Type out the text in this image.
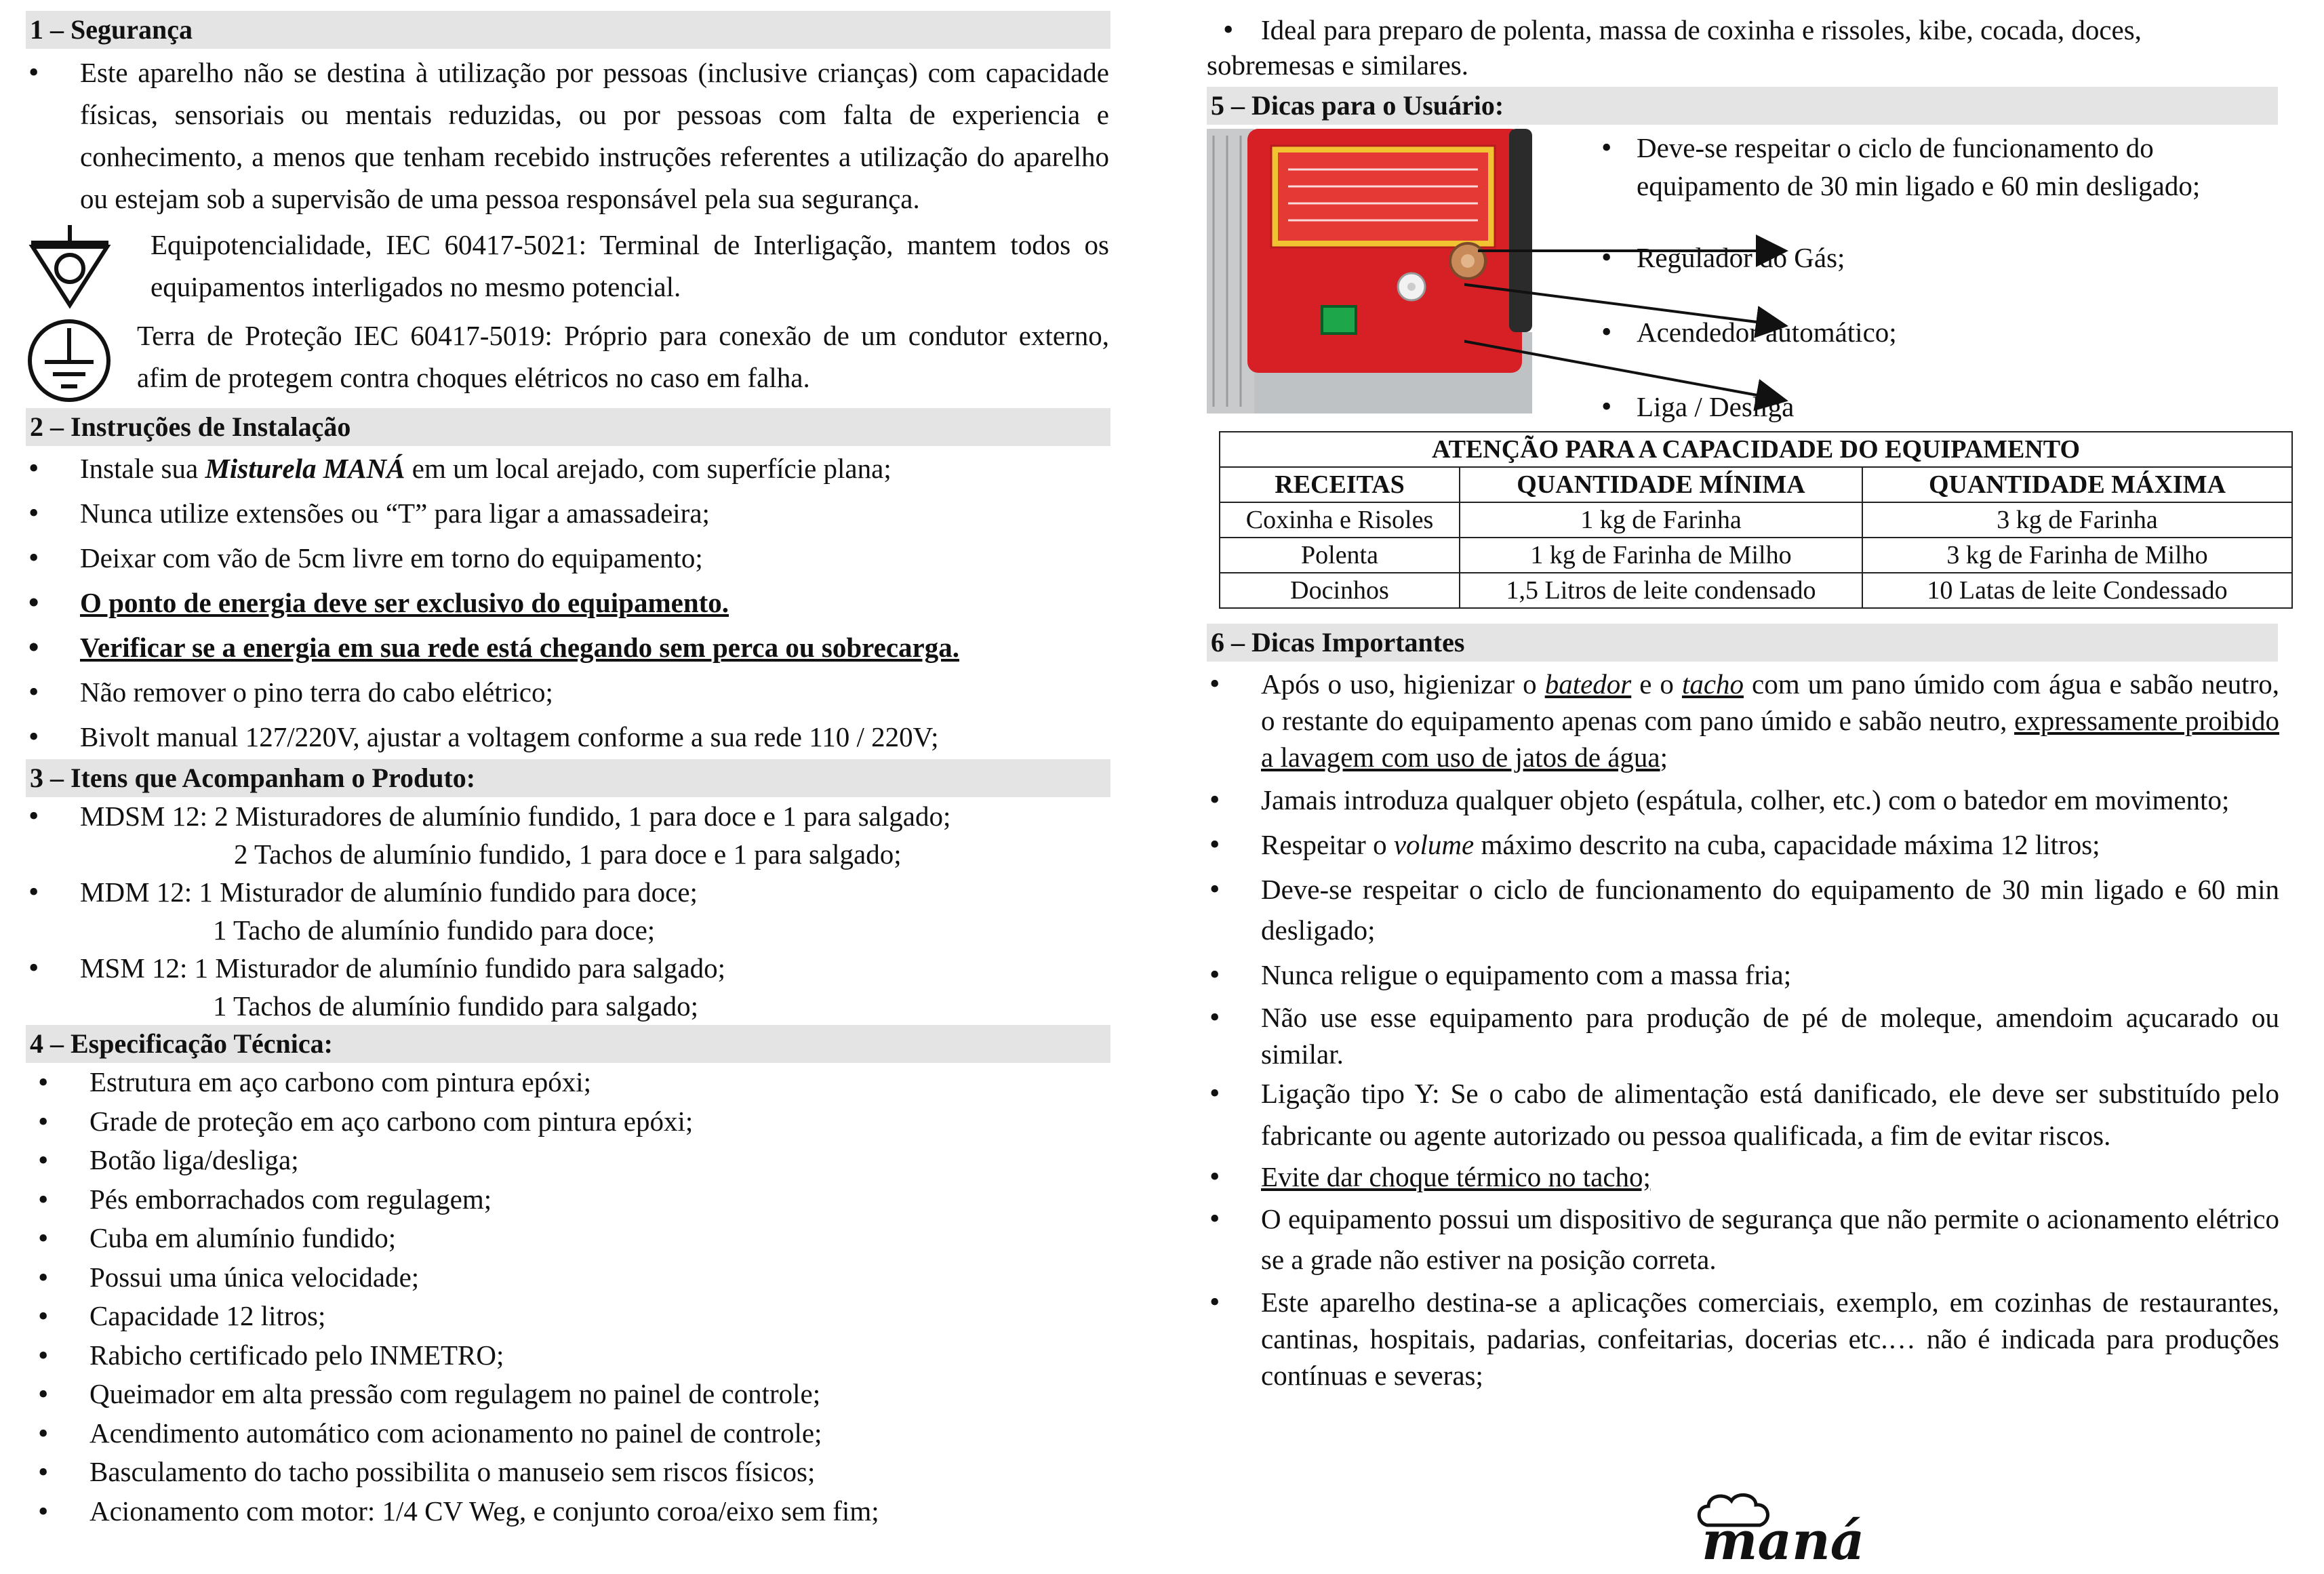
1 – Segurança
• Este aparelho não se destina à utilização por pessoas (inclusive crianças) com capacidade físicas, sensoriais ou mentais reduzidas, ou por pessoas com falta de experiencia e conhecimento, a menos que tenham recebido instruções referentes a utilização do aparelho ou estejam sob a supervisão de uma pessoa responsável pela sua segurança.
Equipotencialidade, IEC 60417-5021: Terminal de Interligação, mantem todos os equipamentos interligados no mesmo potencial.
Terra de Proteção IEC 60417-5019: Próprio para conexão de um condutor externo, afim de protegem contra choques elétricos no caso em falha.
2 – Instruções de Instalação
• Instale sua Misturela MANÁ em um local arejado, com superfície plana;
• Nunca utilize extensões ou “T” para ligar a amassadeira;
• Deixar com vão de 5cm livre em torno do equipamento;
• O ponto de energia deve ser exclusivo do equipamento.
• Verificar se a energia em sua rede está chegando sem perca ou sobrecarga.
• Não remover o pino terra do cabo elétrico;
• Bivolt manual 127/220V, ajustar a voltagem conforme a sua rede 110 / 220V;
3 – Itens que Acompanham o Produto:
• MDSM 12: 2 Misturadores de alumínio fundido, 1 para doce e 1 para salgado;
2 Tachos de alumínio fundido, 1 para doce e 1 para salgado;
• MDM 12: 1 Misturador de alumínio fundido para doce;
1 Tacho de alumínio fundido para doce;
• MSM 12: 1 Misturador de alumínio fundido para salgado;
1 Tachos de alumínio fundido para salgado;
4 – Especificação Técnica:
• Estrutura em aço carbono com pintura epóxi;
• Grade de proteção em aço carbono com pintura epóxi;
• Botão liga/desliga;
• Pés emborrachados com regulagem;
• Cuba em alumínio fundido;
• Possui uma única velocidade;
• Capacidade 12 litros;
• Rabicho certificado pelo INMETRO;
• Queimador em alta pressão com regulagem no painel de controle;
• Acendimento automático com acionamento no painel de controle;
• Basculamento do tacho possibilita o manuseio sem riscos físicos;
• Acionamento com motor: 1/4 CV Weg, e conjunto coroa/eixo sem fim;
• Ideal para preparo de polenta, massa de coxinha e rissoles, kibe, cocada, doces,
sobremesas e similares.
5 – Dicas para o Usuário:
• Deve-se respeitar o ciclo de funcionamento do equipamento de 30 min ligado e 60 min desligado;
• Regulador do Gás;
• Acendedor automático;
• Liga / Desliga
ATENÇÃO PARA A CAPACIDADE DO EQUIPAMENTO		
RECEITAS	QUANTIDADE MÍNIMA	QUANTIDADE MÁXIMA
Coxinha e Risoles	1 kg de Farinha	3 kg de Farinha
Polenta	1 kg de Farinha de Milho	3 kg de Farinha de Milho
Docinhos	1,5 Litros de leite condensado	10 Latas de leite Condessado
6 – Dicas Importantes
• Após o uso, higienizar o batedor e o tacho com um pano úmido com água e sabão neutro, o restante do equipamento apenas com pano úmido e sabão neutro, expressamente proibido a lavagem com uso de jatos de água;
• Jamais introduza qualquer objeto (espátula, colher, etc.) com o batedor em movimento;
• Respeitar o volume máximo descrito na cuba, capacidade máxima 12 litros;
• Deve-se respeitar o ciclo de funcionamento do equipamento de 30 min ligado e 60 min desligado;
• Nunca religue o equipamento com a massa fria;
• Não use esse equipamento para produção de pé de moleque, amendoim açucarado ou similar.
• Ligação tipo Y: Se o cabo de alimentação está danificado, ele deve ser substituído pelo fabricante ou agente autorizado ou pessoa qualificada, a fim de evitar riscos.
• Evite dar choque térmico no tacho;
• O equipamento possui um dispositivo de segurança que não permite o acionamento elétrico se a grade não estiver na posição correta.
• Este aparelho destina-se a aplicações comerciais, exemplo, em cozinhas de restaurantes, cantinas, hospitais, padarias, confeitarias, docerias etc.… não é indicada para produções contínuas e severas;
maná
